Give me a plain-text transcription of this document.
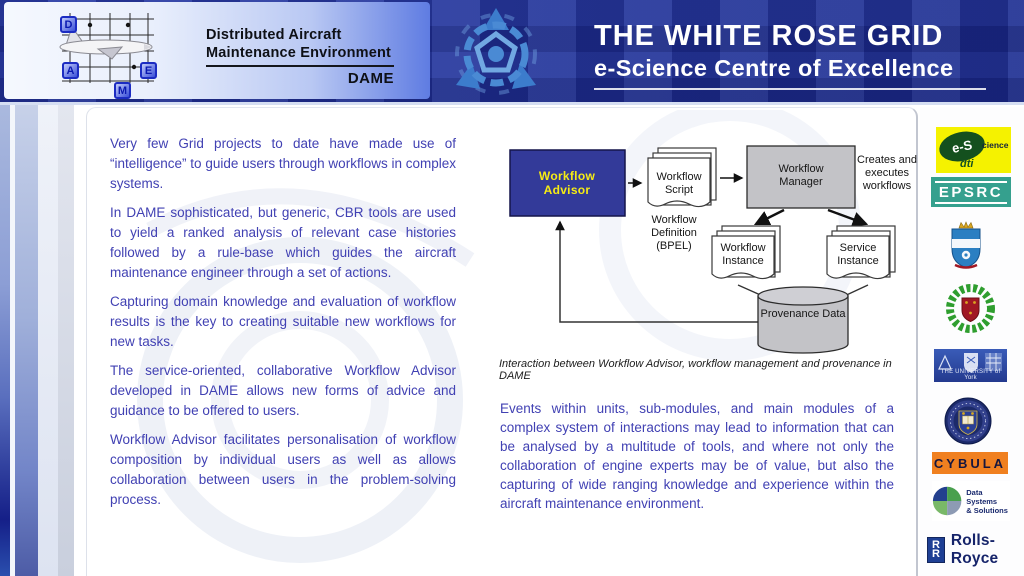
D
A
M
E
Distributed Aircraft
Maintenance Environment
DAME
THE WHITE ROSE GRID
e-Science Centre of Excellence

Very few Grid projects to date have made use of “intelligence” to guide users through workflows in complex systems.

In DAME sophisticated, but generic, CBR tools are used to yield a ranked analysis of relevant case histories followed by a rule-base which guides the aircraft maintenance engineer through a set of actions.

Capturing domain knowledge and evaluation of workflow results is the key to creating suitable new workflows for new tasks.

The service-oriented, collaborative Workflow Advisor developed in DAME allows new forms of advice and guidance to be offered to users.

Workflow Advisor facilitates personalisation of workflow composition by individual users as well as allows collaboration between users in the problem-solving process.

Workflow Advisor
Workflow Script
Workflow Definition (BPEL)
Workflow Manager
Creates and executes workflows
Workflow Instance
Service Instance
Provenance Data
Interaction between Workflow Advisor, workflow management and provenance in DAME
Events within units, sub-modules, and main modules of a complex system of interactions may lead to information that can be analysed by a multitude of tools, and where not only the collaboration of engine experts may be of value, but also the capturing of wide ranging knowledge and experience within the aircraft maintenance environment.
e-S	cience
dti
EPSRC
THE UNIVERSITY of York
CYBULA
Data Systems
& Solutions
R
R
Rolls-Royce
